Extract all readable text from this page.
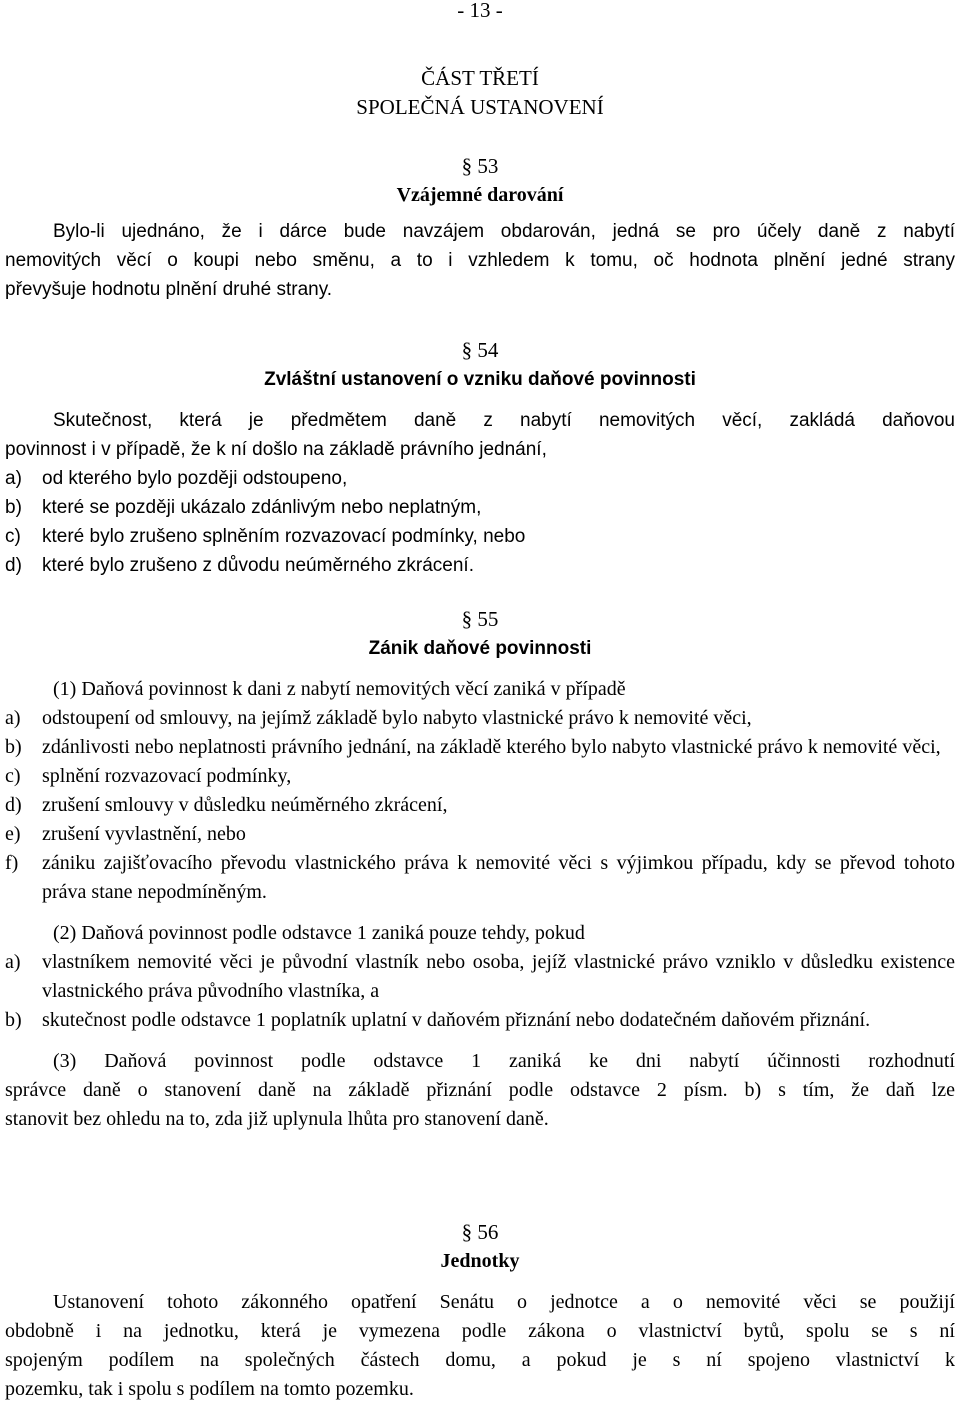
- 13 -
ČÁST TŘETÍ
SPOLEČNÁ USTANOVENÍ
§ 53
Vzájemné darování
Bylo-li ujednáno, že i dárce bude navzájem obdarován, jedná se pro účely daně z nabytí
nemovitých věcí o koupi nebo směnu, a to i vzhledem k tomu, oč hodnota plnění jedné strany
převyšuje hodnotu plnění druhé strany.
§ 54
Zvláštní ustanovení o vzniku daňové povinnosti
Skutečnost, která je předmětem daně z nabytí nemovitých věcí, zakládá daňovou
povinnost i v případě, že k ní došlo na základě právního jednání,
a)	od kterého bylo později odstoupeno,
b)	které se později ukázalo zdánlivým nebo neplatným,
c)	které bylo zrušeno splněním rozvazovací podmínky, nebo
d)	které bylo zrušeno z důvodu neúměrného zkrácení.
§ 55
Zánik daňové povinnosti
(1) Daňová povinnost k dani z nabytí nemovitých věcí zaniká v případě
a)	odstoupení od smlouvy, na jejímž základě bylo nabyto vlastnické právo k nemovité věci,
b)	zdánlivosti nebo neplatnosti právního jednání, na základě kterého bylo nabyto vlastnické právo k nemovité věci,
c)	splnění rozvazovací podmínky,
d)	zrušení smlouvy v důsledku neúměrného zkrácení,
e)	zrušení vyvlastnění, nebo
f)	zániku zajišťovacího převodu vlastnického práva k nemovité věci s výjimkou případu, kdy se převod tohoto práva stane nepodmíněným.
(2) Daňová povinnost podle odstavce 1 zaniká pouze tehdy, pokud
a)	vlastníkem nemovité věci je původní vlastník nebo osoba, jejíž vlastnické právo vzniklo v důsledku existence vlastnického práva původního vlastníka, a
b)	skutečnost podle odstavce 1 poplatník uplatní v daňovém přiznání nebo dodatečném daňovém přiznání.
(3) Daňová povinnost podle odstavce 1 zaniká ke dni nabytí účinnosti rozhodnutí
správce daně o stanovení daně na základě přiznání podle odstavce 2 písm. b) s tím, že daň lze
stanovit bez ohledu na to, zda již uplynula lhůta pro stanovení daně.
§ 56
Jednotky
Ustanovení tohoto zákonného opatření Senátu o jednotce a o nemovité věci se použijí
obdobně i na jednotku, která je vymezena podle zákona o vlastnictví bytů, spolu se s ní
spojeným podílem na společných částech domu, a pokud je s ní spojeno vlastnictví k
pozemku, tak i spolu s podílem na tomto pozemku.
